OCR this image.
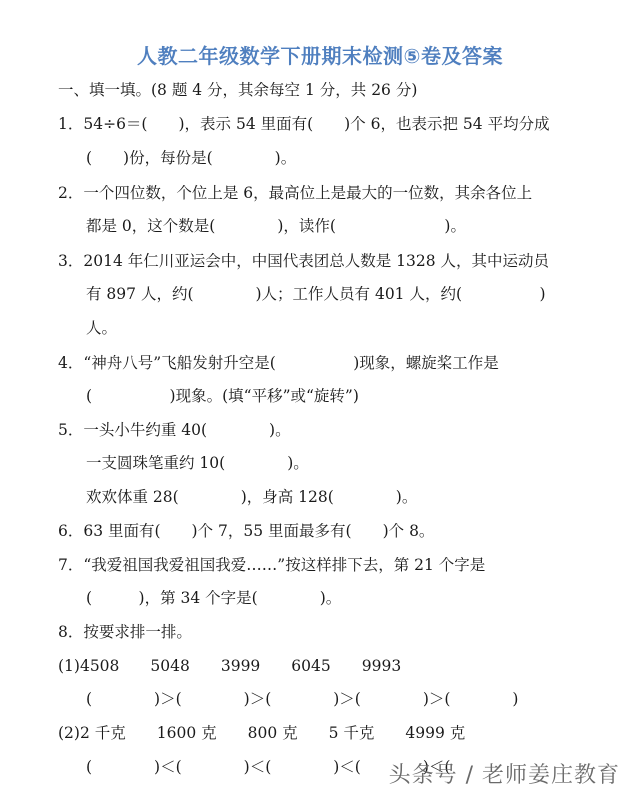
人教二年级数学下册期末检测⑤卷及答案
一、填一填。(8 题 4 分，其余每空 1 分，共 26 分)
1．54÷6＝(　　)，表示 54 里面有(　　)个 6，也表示把 54 平均分成
(　　)份，每份是(　　　　)。
2．一个四位数，个位上是 6，最高位上是最大的一位数，其余各位上
都是 0，这个数是(　　　　)，读作(　　　　　　　)。
3．2014 年仁川亚运会中，中国代表团总人数是 1328 人，其中运动员
有 897 人，约(　　　　)人；工作人员有 401 人，约(　　　　　)
人。
4．“神舟八号”飞船发射升空是(　　　　　)现象，螺旋桨工作是
(　　　　　)现象。(填“平移”或“旋转”)
5．一头小牛约重 40(　　　　)。
一支圆珠笔重约 10(　　　　)。
欢欢体重 28(　　　　)，身高 128(　　　　)。
6．63 里面有(　　)个 7，55 里面最多有(　　)个 8。
7．“我爱祖国我爱祖国我爱……”按这样排下去，第 21 个字是
(　　　)，第 34 个字是(　　　　)。
8．按要求排一排。
(1)4508　　5048　　3999　　6045　　9993
(　　　　)＞(　　　　)＞(　　　　)＞(　　　　)＞(　　　　)
(2)2 千克　　1600 克　　800 克　　5 千克　　4999 克
(　　　　)＜(　　　　)＜(　　　　)＜(　　　　)＜(
头条号 / 老师姜庄教育
